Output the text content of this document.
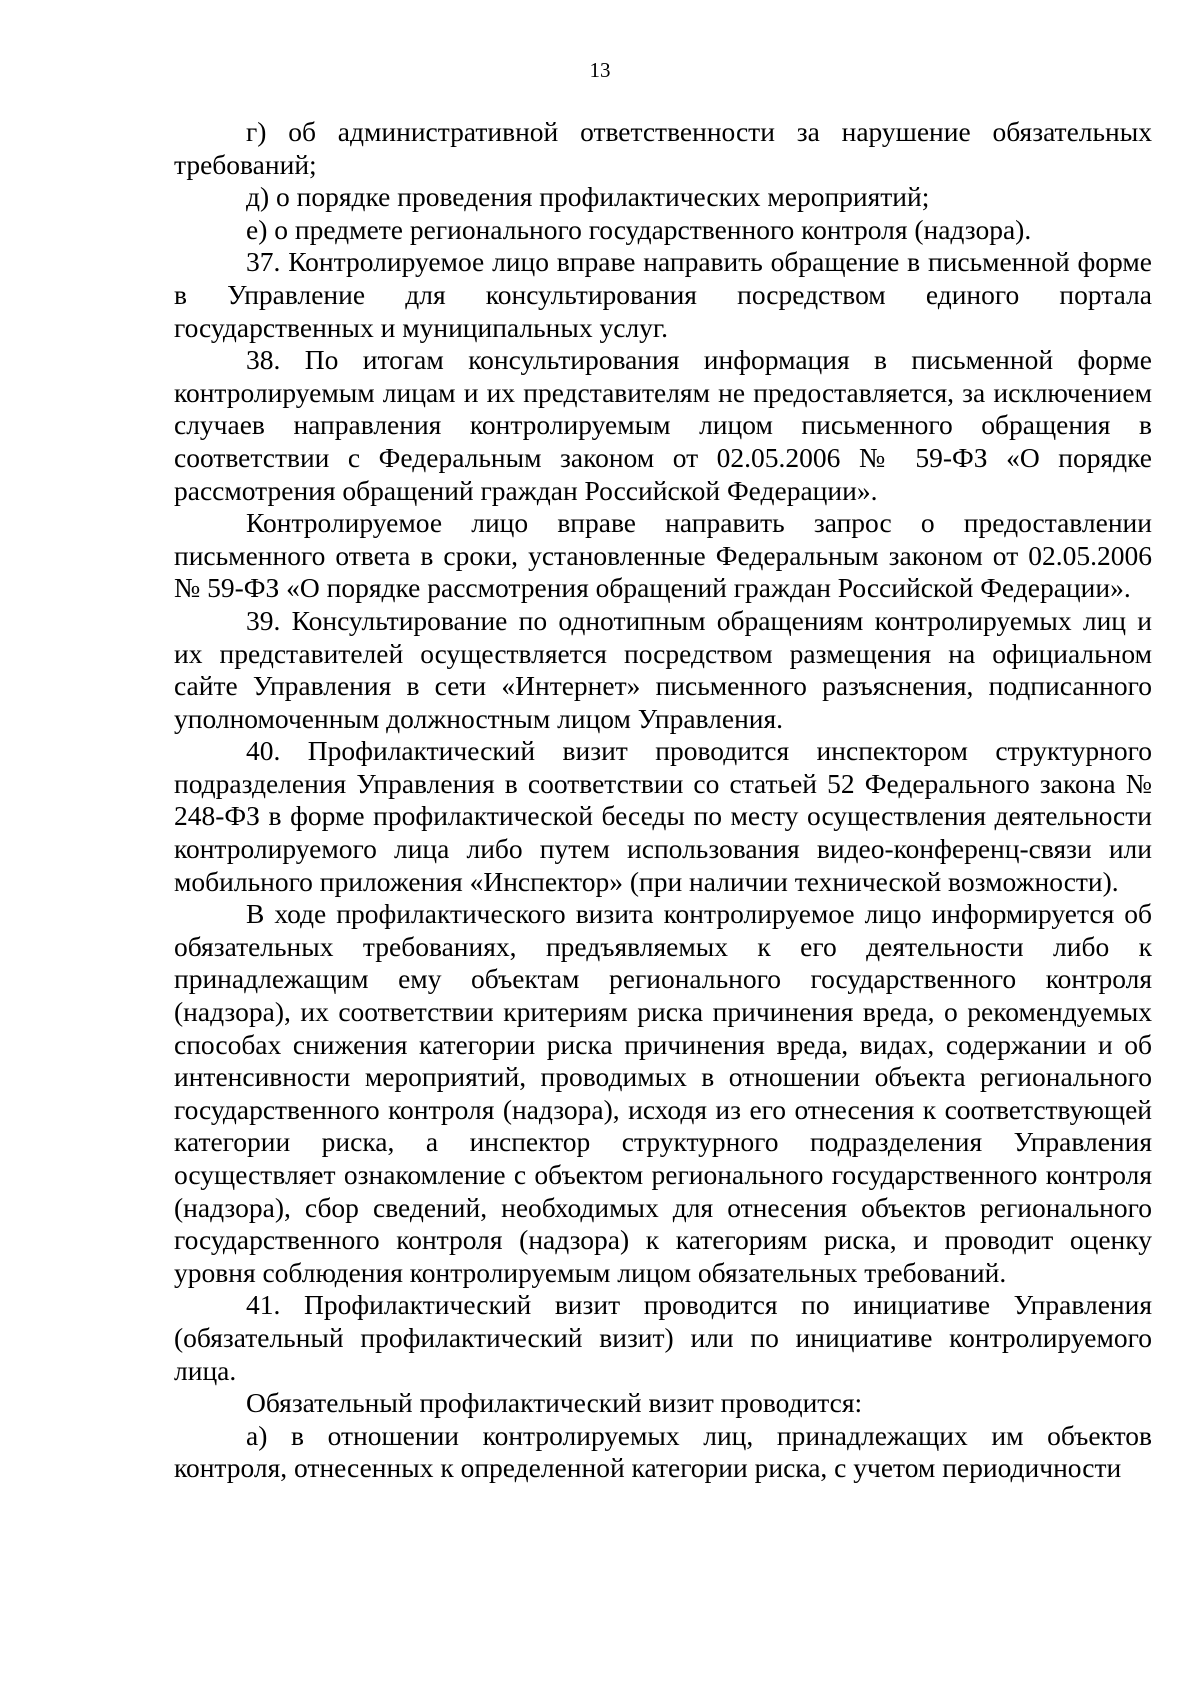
13

г) об административной ответственности за нарушение обязательных требований;

д) о порядке проведения профилактических мероприятий;

е) о предмете регионального государственного контроля (надзора).

37. Контролируемое лицо вправе направить обращение в письменной форме в Управление для консультирования посредством единого портала государственных и муниципальных услуг.

38. По итогам консультирования информация в письменной форме контролируемым лицам и их представителям не предоставляется, за исключением случаев направления контролируемым лицом письменного обращения в соответствии с Федеральным законом от 02.05.2006 № 59-ФЗ «О порядке рассмотрения обращений граждан Российской Федерации».

Контролируемое лицо вправе направить запрос о предоставлении письменного ответа в сроки, установленные Федеральным законом от 02.05.2006 № 59-ФЗ «О порядке рассмотрения обращений граждан Российской Федерации».

39. Консультирование по однотипным обращениям контролируемых лиц и их представителей осуществляется посредством размещения на официальном сайте Управления в сети «Интернет» письменного разъяснения, подписанного уполномоченным должностным лицом Управления.

40. Профилактический визит проводится инспектором структурного подразделения Управления в соответствии со статьей 52 Федерального закона № 248-ФЗ в форме профилактической беседы по месту осуществления деятельности контролируемого лица либо путем использования видео-конференц-связи или мобильного приложения «Инспектор» (при наличии технической возможности).

В ходе профилактического визита контролируемое лицо информируется об обязательных требованиях, предъявляемых к его деятельности либо к принадлежащим ему объектам регионального государственного контроля (надзора), их соответствии критериям риска причинения вреда, о рекомендуемых способах снижения категории риска причинения вреда, видах, содержании и об интенсивности мероприятий, проводимых в отношении объекта регионального государственного контроля (надзора), исходя из его отнесения к соответствующей категории риска, а инспектор структурного подразделения Управления осуществляет ознакомление с объектом регионального государственного контроля (надзора), сбор сведений, необходимых для отнесения объектов регионального государственного контроля (надзора) к категориям риска, и проводит оценку уровня соблюдения контролируемым лицом обязательных требований.

41. Профилактический визит проводится по инициативе Управления (обязательный профилактический визит) или по инициативе контролируемого лица.

Обязательный профилактический визит проводится:

а) в отношении контролируемых лиц, принадлежащих им объектов контроля, отнесенных к определенной категории риска, с учетом периодичности
